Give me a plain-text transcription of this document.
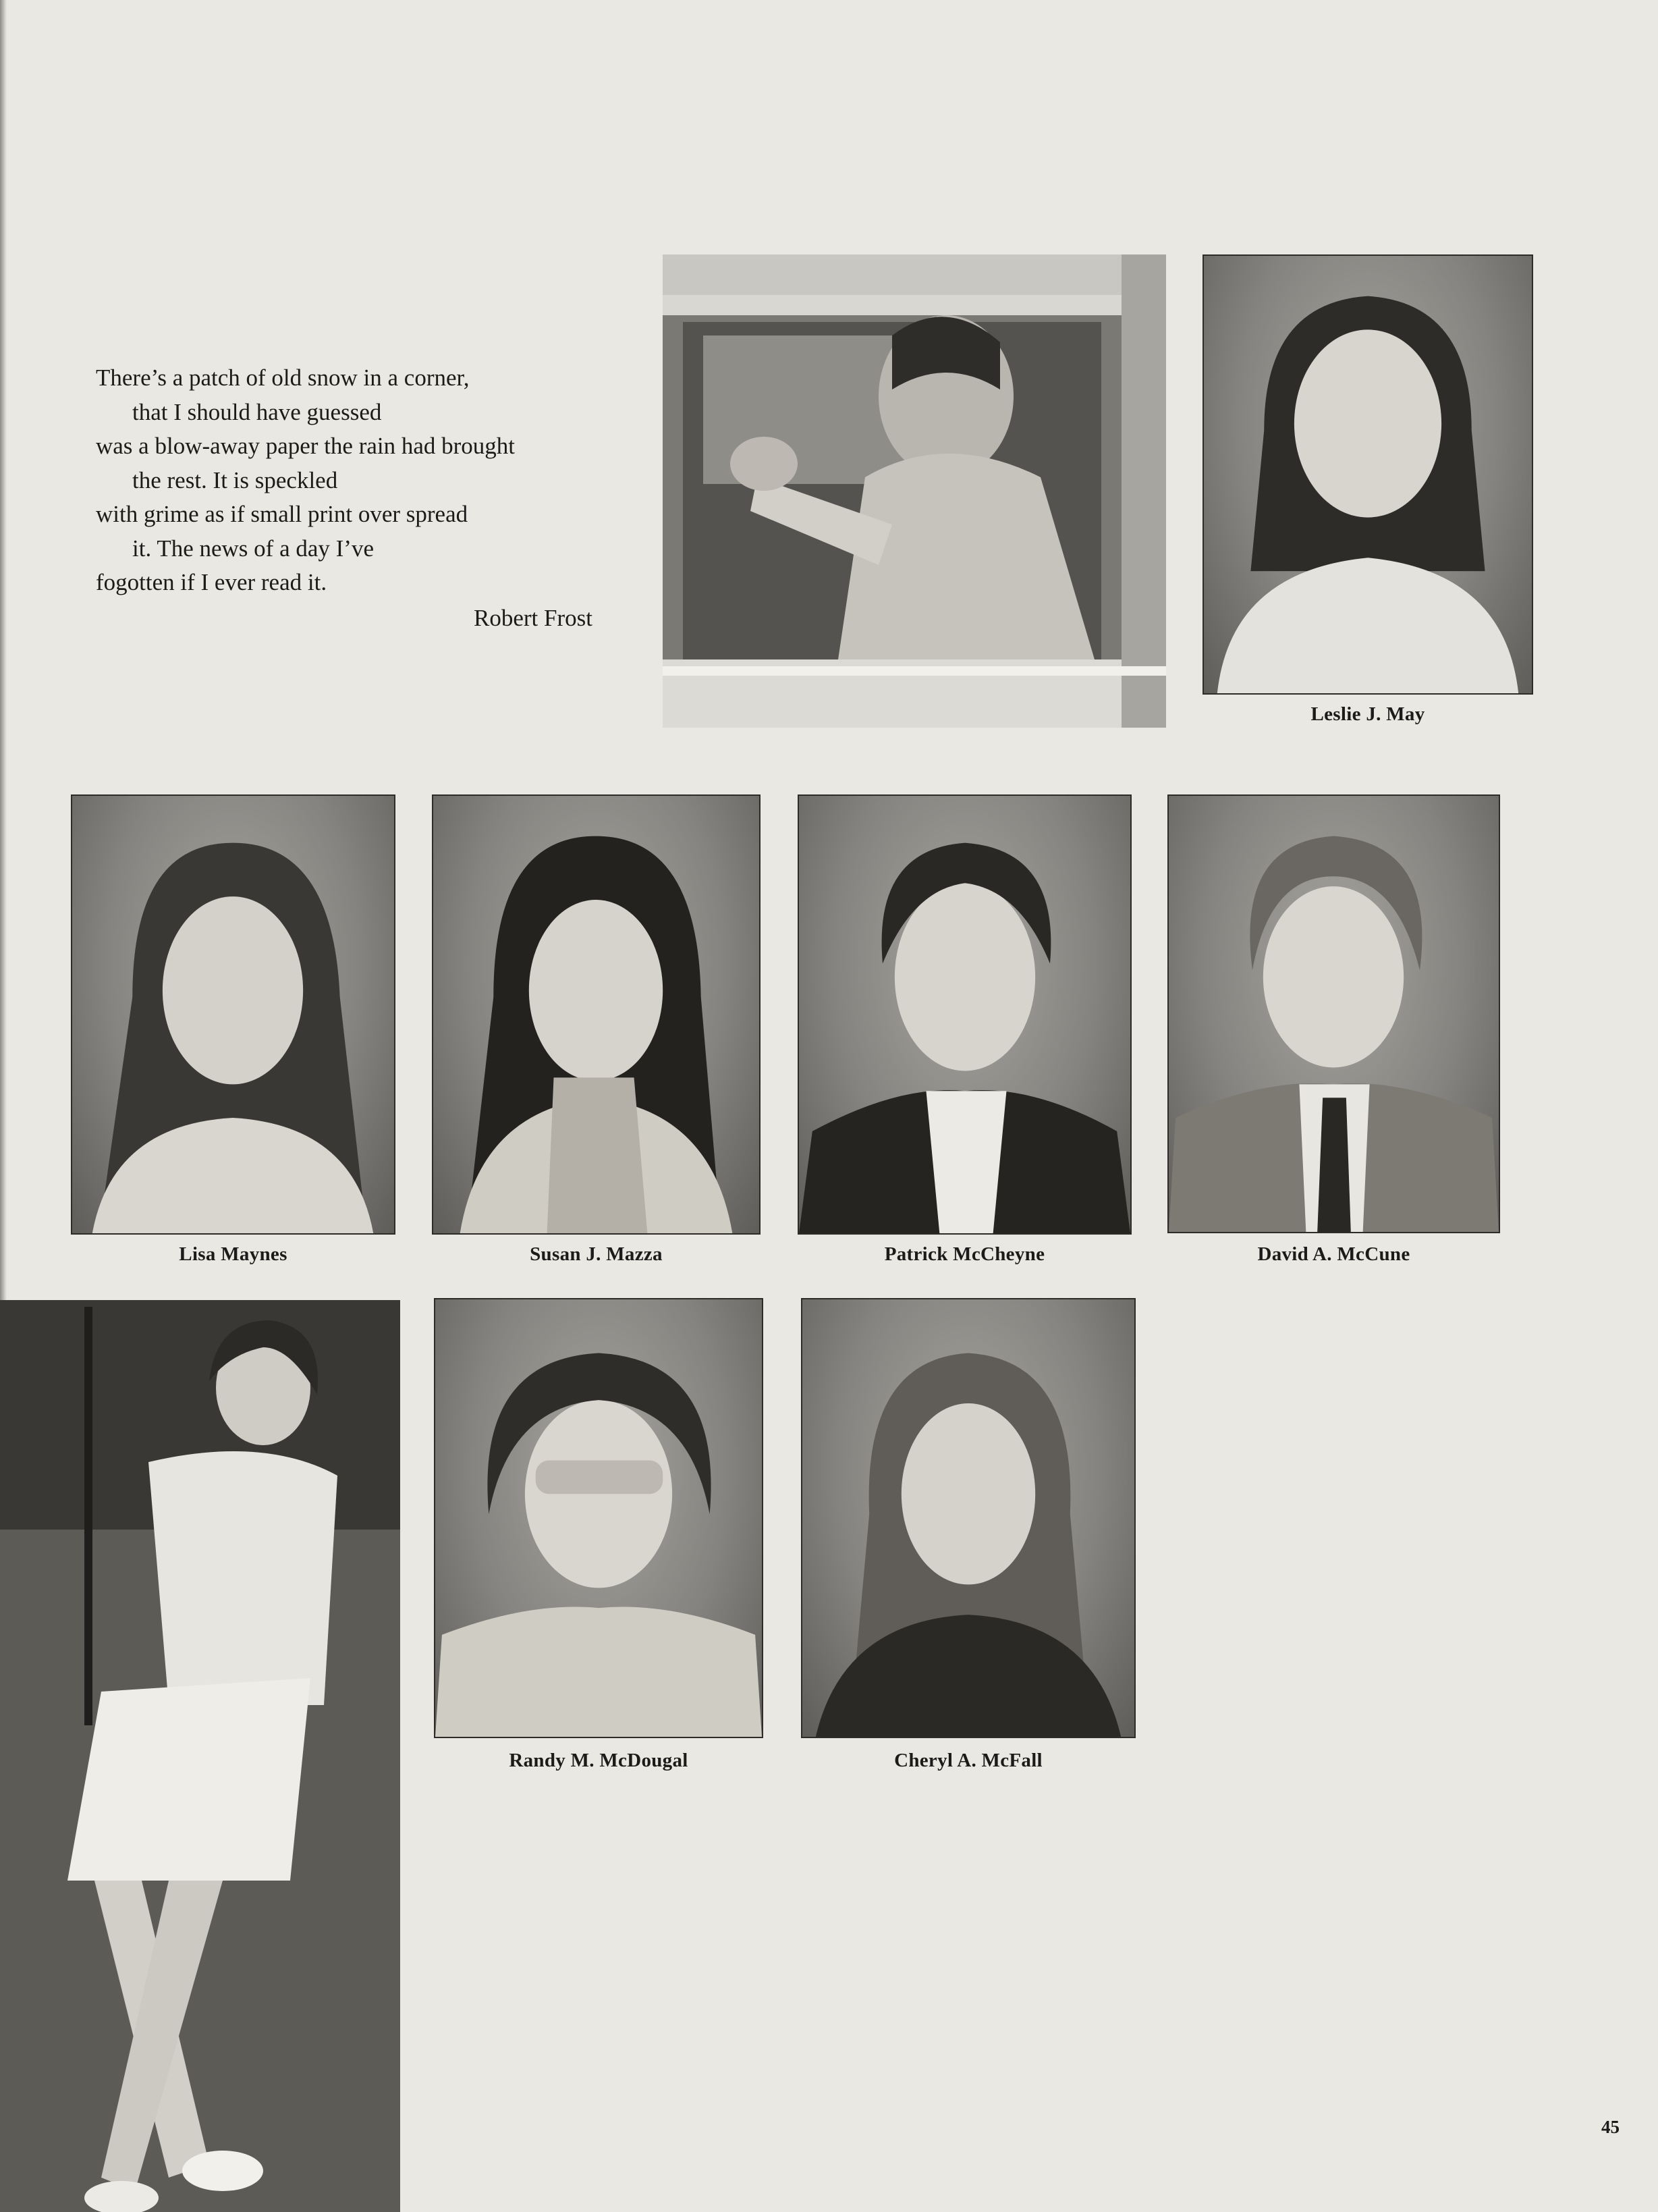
There’s a patch of old snow in a corner,
that I should have guessed
was a blow-away paper the rain had brought
the rest. It is speckled
with grime as if small print over spread
it. The news of a day I’ve
fogotten if I ever read it.
Robert Frost
Leslie J. May
Lisa Maynes	Susan J. Mazza	Patrick McCheyne	David A. McCune
Randy M. McDougal	Cheryl A. McFall
45
